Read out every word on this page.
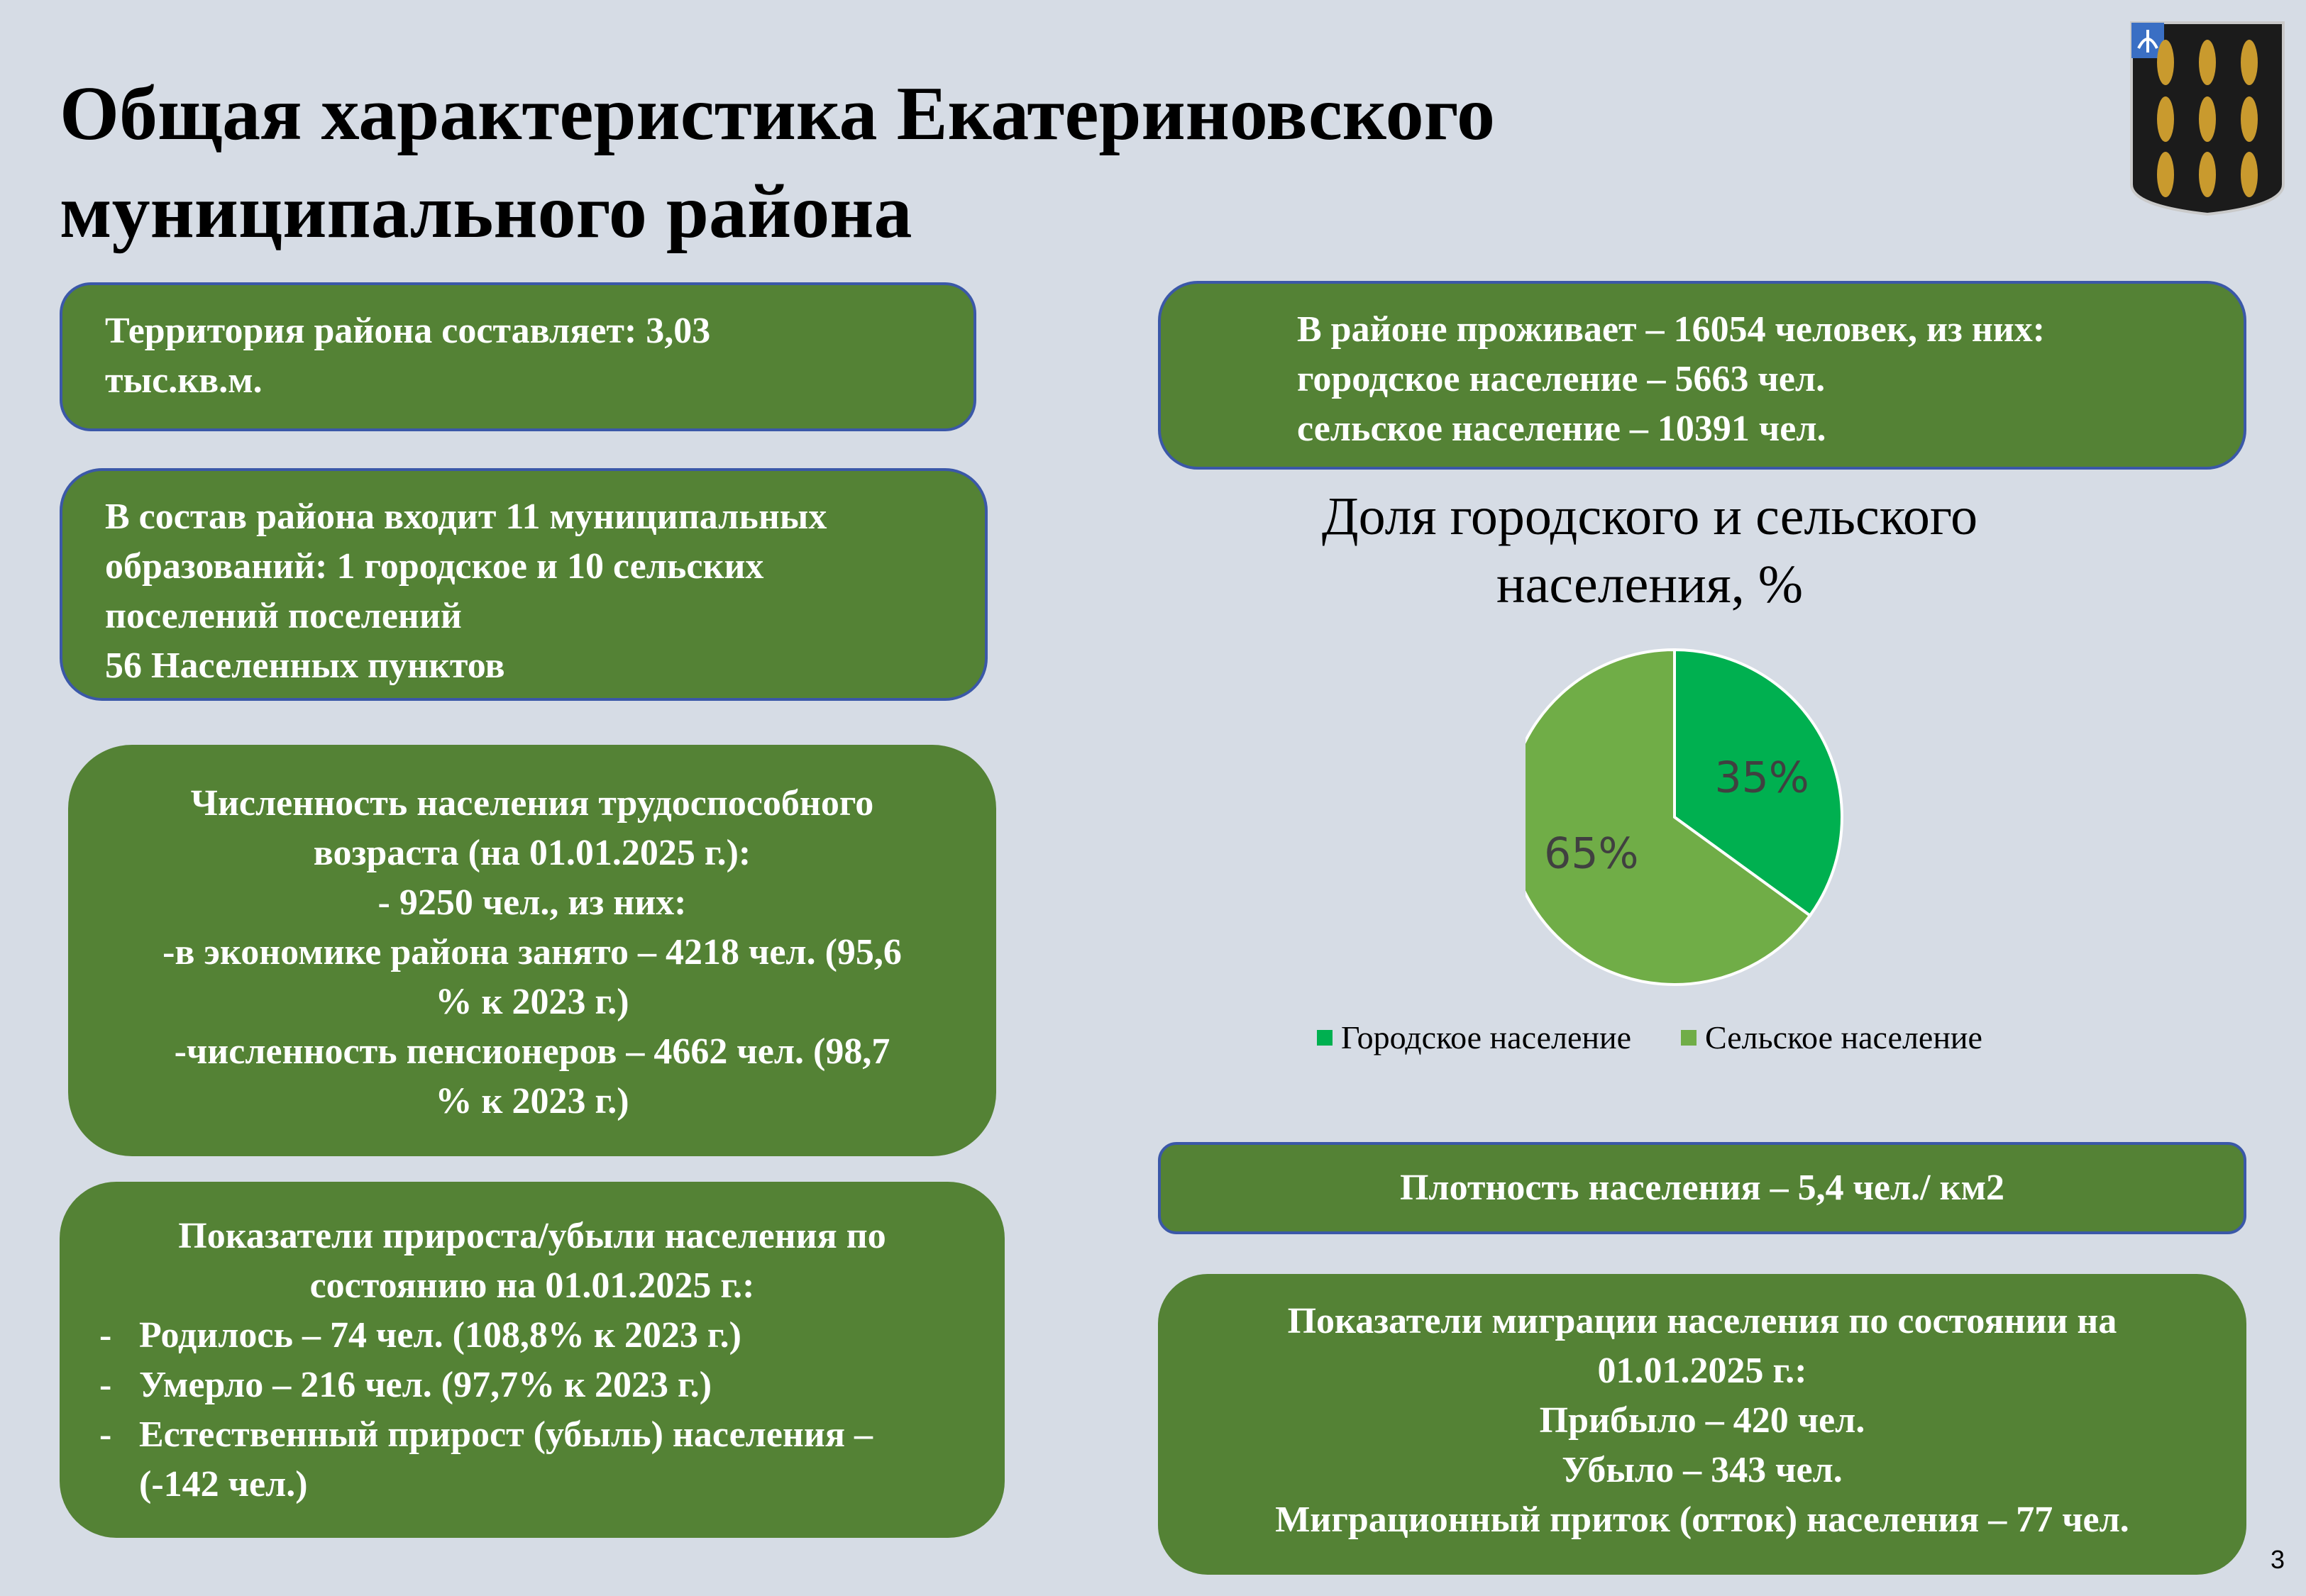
Общая характеристика Екатериновского
муниципального района
Территория района составляет: 3,03
тыс.кв.м.
В состав района входит 11 муниципальных
образований: 1 городское и 10 сельских
поселений поселений
56 Населенных пунктов
Численность населения трудоспособного
возраста (на 01.01.2025 г.):
- 9250 чел., из них:
-в экономике района занято – 4218 чел. (95,6
% к 2023 г.)
-численность пенсионеров – 4662 чел. (98,7
% к 2023 г.)
Показатели прироста/убыли населения по
состоянию на 01.01.2025 г.:
- Родилось – 74 чел. (108,8% к 2023 г.)
- Умерло – 216 чел. (97,7% к 2023 г.)
- Естественный прирост (убыль) населения –
(-142 чел.)
В районе проживает – 16054 человек, из них:
городское население – 5663 чел.
сельское население – 10391 чел.
Доля городского и сельского
населения, %
35%
65%
Городское население Сельское население
Плотность населения – 5,4 чел./ км2
Показатели миграции населения по состоянии на
01.01.2025 г.:
Прибыло – 420 чел.
Убыло – 343 чел.
Миграционный приток (отток) населения – 77 чел.
3
